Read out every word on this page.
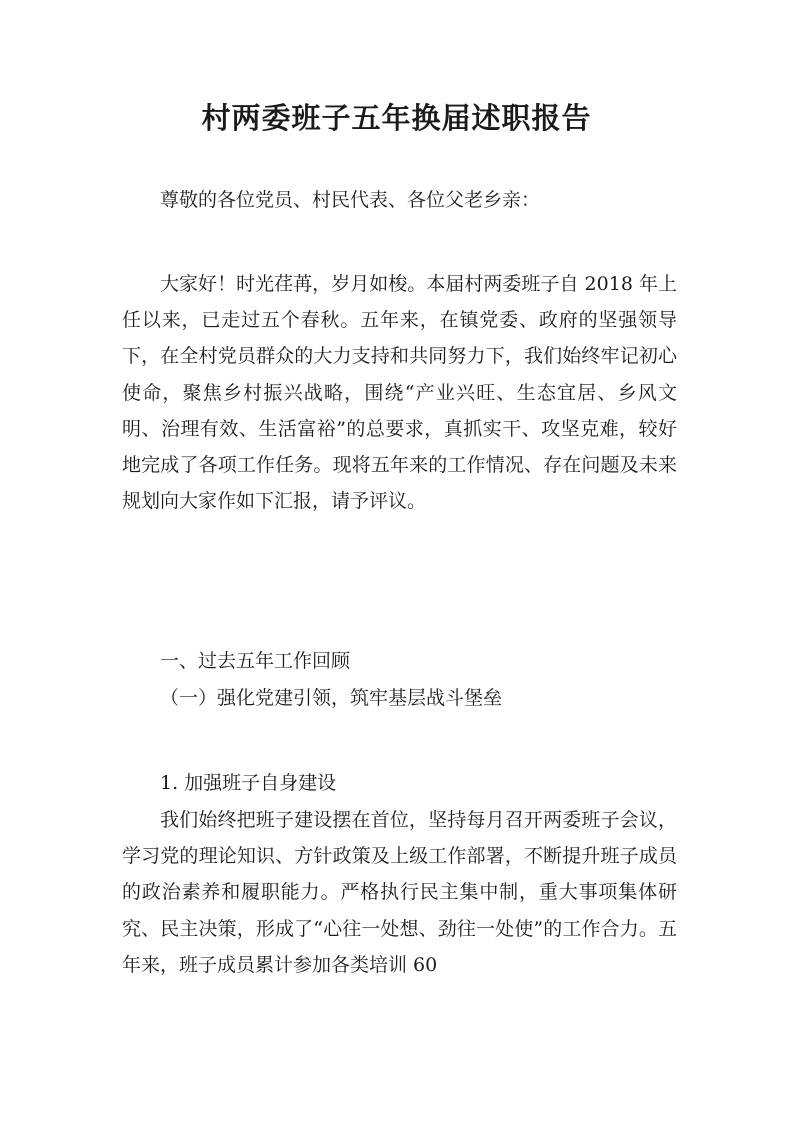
村两委班子五年换届述职报告

尊敬的各位党员、村民代表、各位父老乡亲：

大家好！时光荏苒，岁月如梭。本届村两委班子自 2018 年上任以来，已走过五个春秋。五年来，在镇党委、政府的坚强领导下，在全村党员群众的大力支持和共同努力下，我们始终牢记初心使命，聚焦乡村振兴战略，围绕“产业兴旺、生态宜居、乡风文明、治理有效、生活富裕”的总要求，真抓实干、攻坚克难，较好地完成了各项工作任务。现将五年来的工作情况、存在问题及未来规划向大家作如下汇报，请予评议。

一、过去五年工作回顾

（一）强化党建引领，筑牢基层战斗堡垒

1. 加强班子自身建设

我们始终把班子建设摆在首位，坚持每月召开两委班子会议，学习党的理论知识、方针政策及上级工作部署，不断提升班子成员的政治素养和履职能力。严格执行民主集中制，重大事项集体研究、民主决策，形成了“心往一处想、劲往一处使”的工作合力。五年来，班子成员累计参加各类培训 60
